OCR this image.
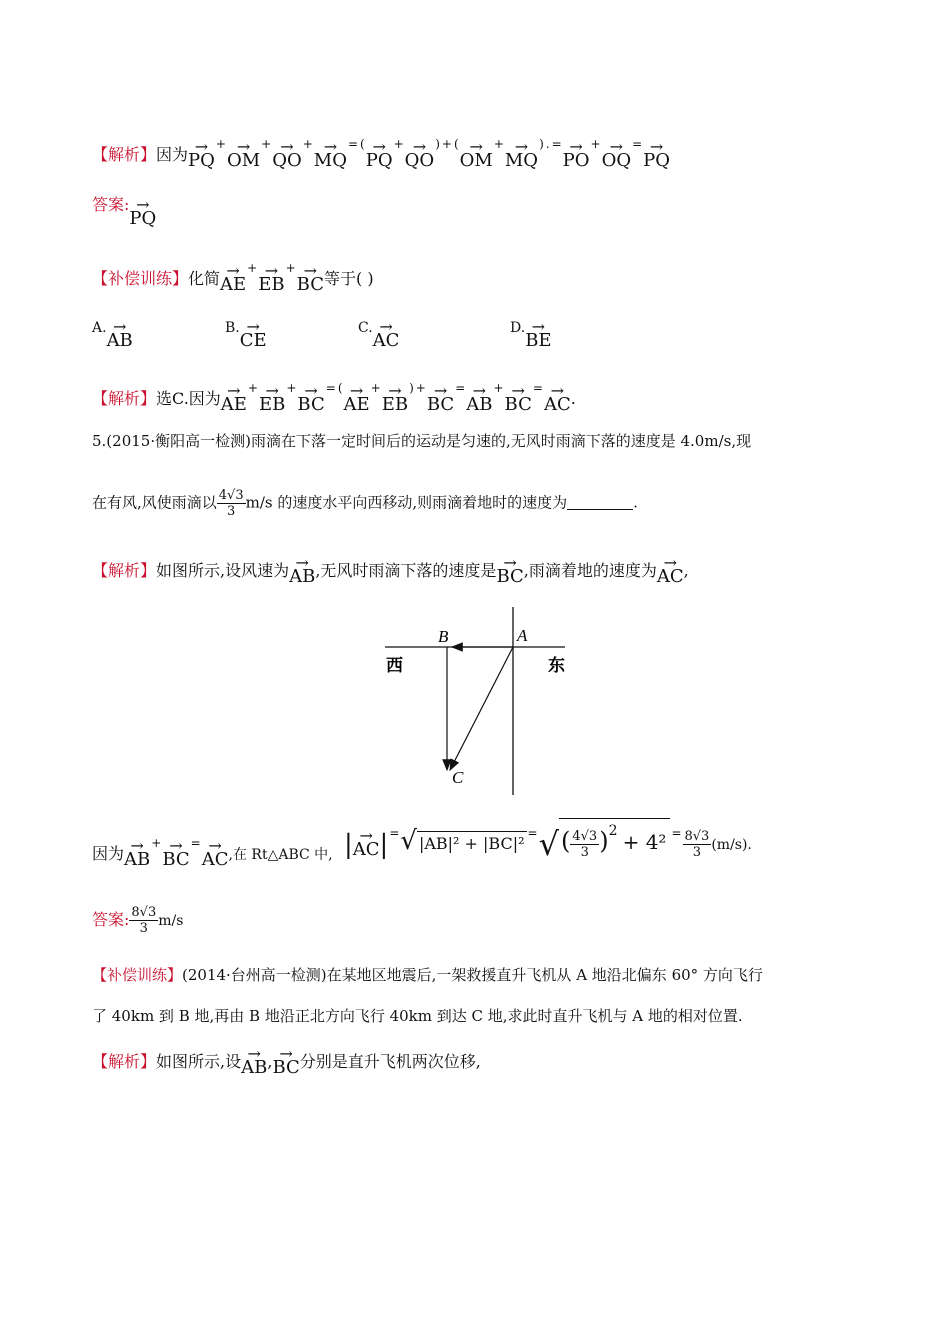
【解析】因为→ PQ+→ OM+→ QO+→ MQ= (→ PQ+→ QO) + (→ OM+→ MQ) . =→ PO+→ OQ=→ PQ
答案:→ PQ
【补偿训练】化简→ AE+→ EB+→ BC等于( )
A.→ AB
B.→ CE
C.→ AC
D.→ BE
【解析】选C.因为→ AE+→ EB+→ BC= (→ AE+→ EB) +→ BC=→ AB+→ BC=→ AC.
5.(2015·衡阳高一检测)雨滴在下落一定时间后的运动是匀速的,无风时雨滴下落的速度是 4.0m/s,现
在有风,风使雨滴以 $\frac{4√3}{3} m/s$ 的速度水平向西移动,则雨滴着地时的速度为	.
【解析】如图所示,设风速为→ AB,无风时雨滴下落的速度是→ BC,雨滴着地的速度为→ AC,
B	A
C
西	东
因为→ AB+→ BC=→ AC,在 Rt△ABC 中, |→ AC|=√ $|AB|^2 + |BC|^2^=√( \frac{4√3}{3} )2 + 4^2$ $^= \frac{8√3}{3} (m/s)$.
答案: $\frac{8√3}{3} m/s$
【补偿训练】(2014·台州高一检测)在某地区地震后,一架救援直升飞机从 A 地沿北偏东 60° 方向飞行
了 40km 到 B 地,再由 B 地沿正北方向飞行 40km 到达 C 地,求此时直升飞机与 A 地的相对位置.
【解析】如图所示,设→ AB,→ BC分别是直升飞机两次位移,
